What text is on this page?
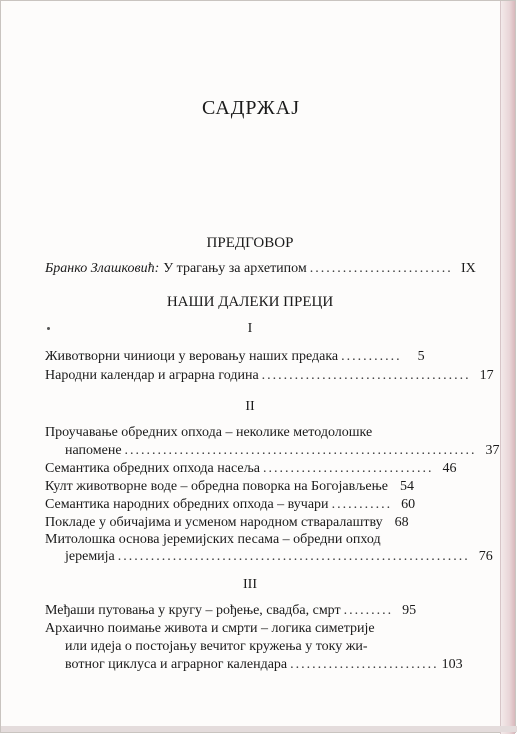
САДРЖАЈ
ПРЕДГОВОР
Бранко Злашковић: У трагању за архетипом .......................... IX
НАШИ ДАЛЕКИ ПРЕЦИ
I
Животворни чиниоци у веровању наших предака ...........	5
Народни календар и аграрна година ...................................... 17
II
Проучавање обредних опхода – неколике методолошке
напомене ................................................................ 37
Семантика обредних опхода насеља ............................... 46
Култ животворне воде – обредна поворка на Богојављење 54
Семантика народних обредних опхода – вучари ........... 60
Покладе у обичајима и усменом народном стваралаштву 68
Митолошка основа јеремијских песама – обредни опход
јеремија ................................................................ 76
III
Међаши путовања у кругу – рођење, свадба, смрт ......... 95
Архаично поимање живота и смрти – логика симетрије
или идеја о постојању вечитог кружења у току жи-
вотног циклуса и аграрног календара ........................... 103
